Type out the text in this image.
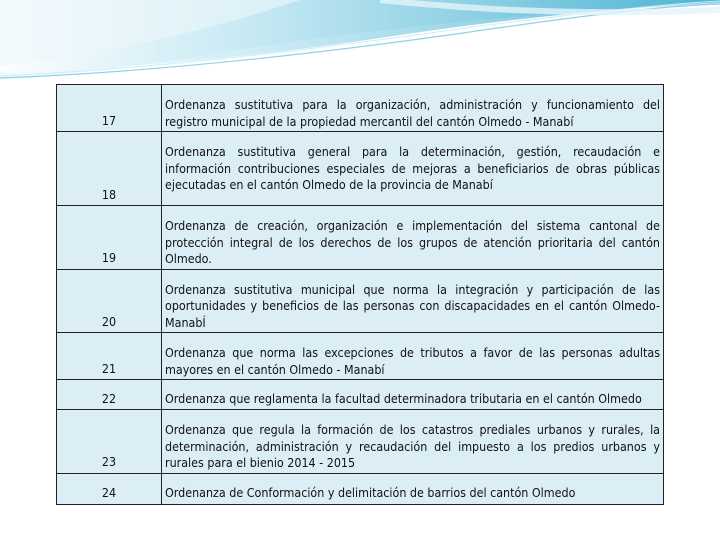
17	Ordenanza sustitutiva para la organización, administración y funcionamiento del registro municipal de la propiedad mercantil del cantón Olmedo - Manabí
18	Ordenanza sustitutiva general para la determinación, gestión, recaudación e información contribuciones especiales de mejoras a beneficiarios de obras públicas ejecutadas en el cantón Olmedo de la provincia de Manabí
19	Ordenanza de creación, organización e implementación del sistema cantonal de protección integral de los derechos de los grupos de atención prioritaria del cantón Olmedo.
20	Ordenanza sustitutiva municipal que norma la integración y participación de las oportunidades y beneficios de las personas con discapacidades en el cantón Olmedo-ManabÍ
21	Ordenanza que norma las excepciones de tributos a favor de las personas adultas mayores en el cantón Olmedo - Manabí
22	Ordenanza que reglamenta la facultad determinadora tributaria en el cantón Olmedo
23	Ordenanza que regula la formación de los catastros prediales urbanos y rurales, la determinación, administración y recaudación del impuesto a los predios urbanos y rurales para el bienio 2014 - 2015
24	Ordenanza de Conformación y delimitación de barrios del cantón Olmedo
